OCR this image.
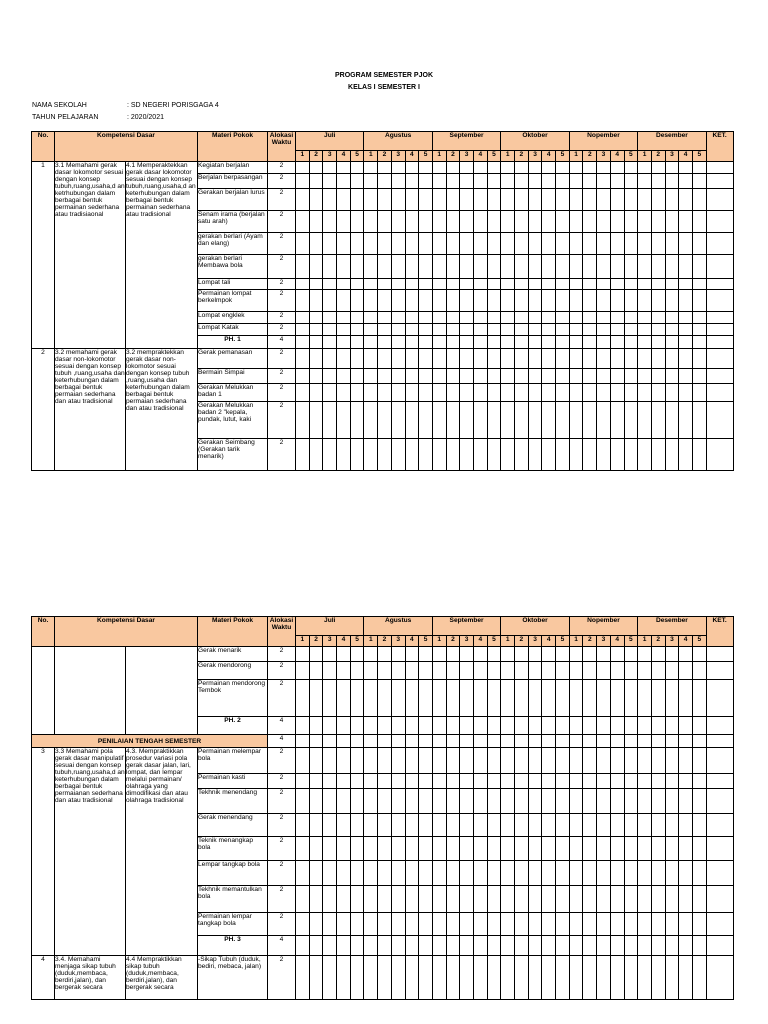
PROGRAM SEMESTER PJOK
KELAS I SEMESTER I
NAMA SEKOLAH	: SD NEGERI PORISGAGA 4
TAHUN PELAJARAN	: 2020/2021
No.	Kompetensi Dasar		Materi Pokok	Alokasi Waktu	Juli					Agustus					September					Oktober					Nopember					Desember					KET.
					1	2	3	4	5	1	2	3	4	5	1	2	3	4	5	1	2	3	4	5	1	2	3	4	5	1	2	3	4	5	
1	3.1 Memahami gerak dasar lokomotor sesuai dengan konsep tubuh,ruang,usaha,d an ketrhubungan dalam berbagai bentuk permainan sederhana atau tradisiaonal	4.1 Memperaktekkan gerak dasar lokomotor sesuai dengan konsep tubuh,ruang,usaha,d an keterhubungan dalam berbagai bentuk permainan sederhana atau tradisional	Kegiatan berjalan	2																															
			Berjalan berpasangan	2																															
			Gerakan berjalan lurus	2																															
			Senam irama (berjalan satu arah)	2																															
			gerakan berlari (Ayam dan elang)	2																															
			gerakan berlari Membawa bola	2																															
			Lompat tali	2																															
			Permainan lompat berkelmpok	2																															
			Lompat engklek	2																															
			Lompat Katak	2																															
			PH. 1	4																															
2	3.2 memahami gerak dasar non-lokomotor sesuai dengan konsep tubuh ,ruang,usaha dan keterhubungan dalam berbagai bentuk permaian sederhana dan atau tradisional	3.2 mempraktekkan gerak dasar non-lokomotor sesuai dengan konsep tubuh ,ruang,usaha dan keterhubungan dalam berbagai bentuk permaian sederhana dan atau tradisional	Gerak pemanasan	2																															
			Bermain Simpai	2																															
			Gerakan Melukkan badan 1	2																															
			Gerakan Melukkan badan 2 "kepala, pundak, lutut, kaki	2																															
			Gerakan Seimbang (Gerakan tarik menarik)	2																															
No.	Kompetensi Dasar		Materi Pokok	Alokasi Waktu	Juli					Agustus					September					Oktober					Nopember					Desember					KET.
					1	2	3	4	5	1	2	3	4	5	1	2	3	4	5	1	2	3	4	5	1	2	3	4	5	1	2	3	4	5	
			Gerak menarik	2																															
			Gerak mendorong	2																															
			Permainan mendorong Tembok	2																															
			PH. 2	4																															
PENILAIAN TENGAH SEMESTER				4																															
3	3.3 Memahami pola gerak dasar manipulatif sesuai dengan konsep tubuh,ruang,usaha,d an keterhubungan dalam berbagai bentuk permaianan sederhana dan atau tradisional	4.3. Mempraktikkan prosedur variasi pola gerak dasar jalan, lari, lompat, dan lempar melalui permainan/ olahraga yang dimodifikasi dan atau olahraga tradisional	Permainan melempar bola	2																															
			Permainan kasti	2																															
			Tekhnik menendang	2																															
			Gerak menendang	2																															
			Teknik menangkap bola	2																															
			Lempar tangkap bola	2																															
			Tekhnik memantulkan bola	2																															
			Permainan lempar tangkap bola	2																															
			PH. 3	4																															
4	3.4. Memahami menjaga sikap tubuh (duduk,membaca, berdiri,jalan), dan bergerak secara	4.4 Mempraktikkan sikap tubuh (duduk,membaca, berdiri,jalan), dan bergerak secara	-Sikap Tubuh (duduk, bediri, mebaca, jalan)	2																															
